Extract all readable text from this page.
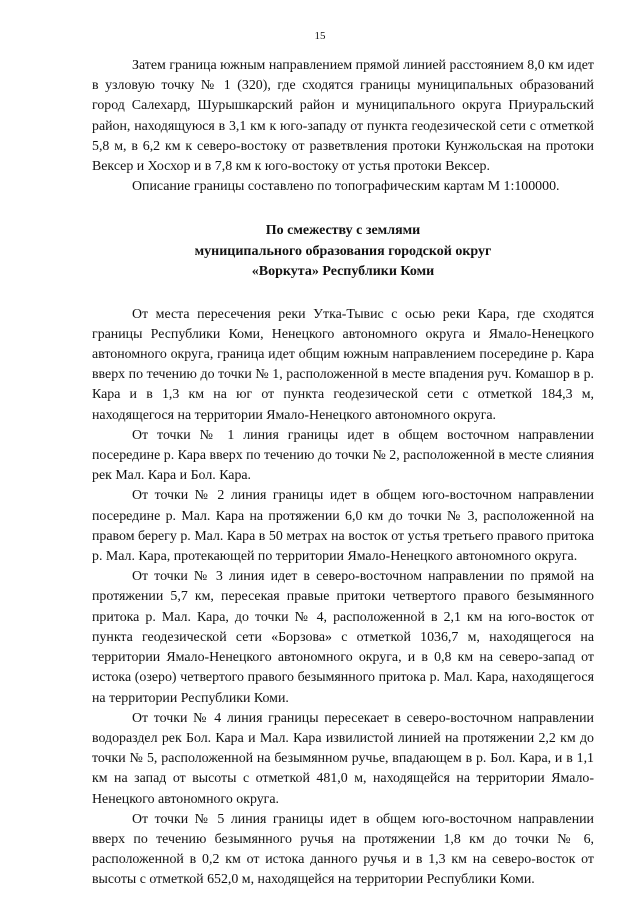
15

Затем граница южным направлением прямой линией расстоянием 8,0 км идет в узловую точку № 1 (320), где сходятся границы муниципальных образований город Салехард, Шурышкарский район и муниципального округа Приуральский район, находящуюся в 3,1 км к юго-западу от пункта геодезической сети с отметкой 5,8 м, в 6,2 км к северо-востоку от разветвления протоки Кунжольская на протоки Вексер и Хосхор и в 7,8 км к юго-востоку от устья протоки Вексер.

Описание границы составлено по топографическим картам М 1:100000.

По смежеству с землями
муниципального образования городской округ
«Воркута» Республики Коми

От места пересечения реки Утка-Тывис с осью реки Кара, где сходятся границы Республики Коми, Ненецкого автономного округа и Ямало-Ненецкого автономного округа, граница идет общим южным направлением посередине р. Кара вверх по течению до точки № 1, расположенной в месте впадения руч. Комашор в р. Кара и в 1,3 км на юг от пункта геодезической сети с отметкой 184,3 м, находящегося на территории Ямало-Ненецкого автономного округа.

От точки № 1 линия границы идет в общем восточном направлении посередине р. Кара вверх по течению до точки № 2, расположенной в месте слияния рек Мал. Кара и Бол. Кара.

От точки № 2 линия границы идет в общем юго-восточном направлении посередине р. Мал. Кара на протяжении 6,0 км до точки № 3, расположенной на правом берегу р. Мал. Кара в 50 метрах на восток от устья третьего правого притока р. Мал. Кара, протекающей по территории Ямало-Ненецкого автономного округа.

От точки № 3 линия идет в северо-восточном направлении по прямой на протяжении 5,7 км, пересекая правые притоки четвертого правого безымянного притока р. Мал. Кара, до точки № 4, расположенной в 2,1 км на юго-восток от пункта геодезической сети «Борзова» с отметкой 1036,7 м, находящегося на территории Ямало-Ненецкого автономного округа, и в 0,8 км на северо-запад от истока (озеро) четвертого правого безымянного притока р. Мал. Кара, находящегося на территории Республики Коми.

От точки № 4 линия границы пересекает в северо-восточном направлении водораздел рек Бол. Кара и Мал. Кара извилистой линией на протяжении 2,2 км до точки № 5, расположенной на безымянном ручье, впадающем в р. Бол. Кара, и в 1,1 км на запад от высоты с отметкой 481,0 м, находящейся на территории Ямало-Ненецкого автономного округа.

От точки № 5 линия границы идет в общем юго-восточном направлении вверх по течению безымянного ручья на протяжении 1,8 км до точки № 6, расположенной в 0,2 км от истока данного ручья и в 1,3 км на северо-восток от высоты с отметкой 652,0 м, находящейся на территории Республики Коми.
